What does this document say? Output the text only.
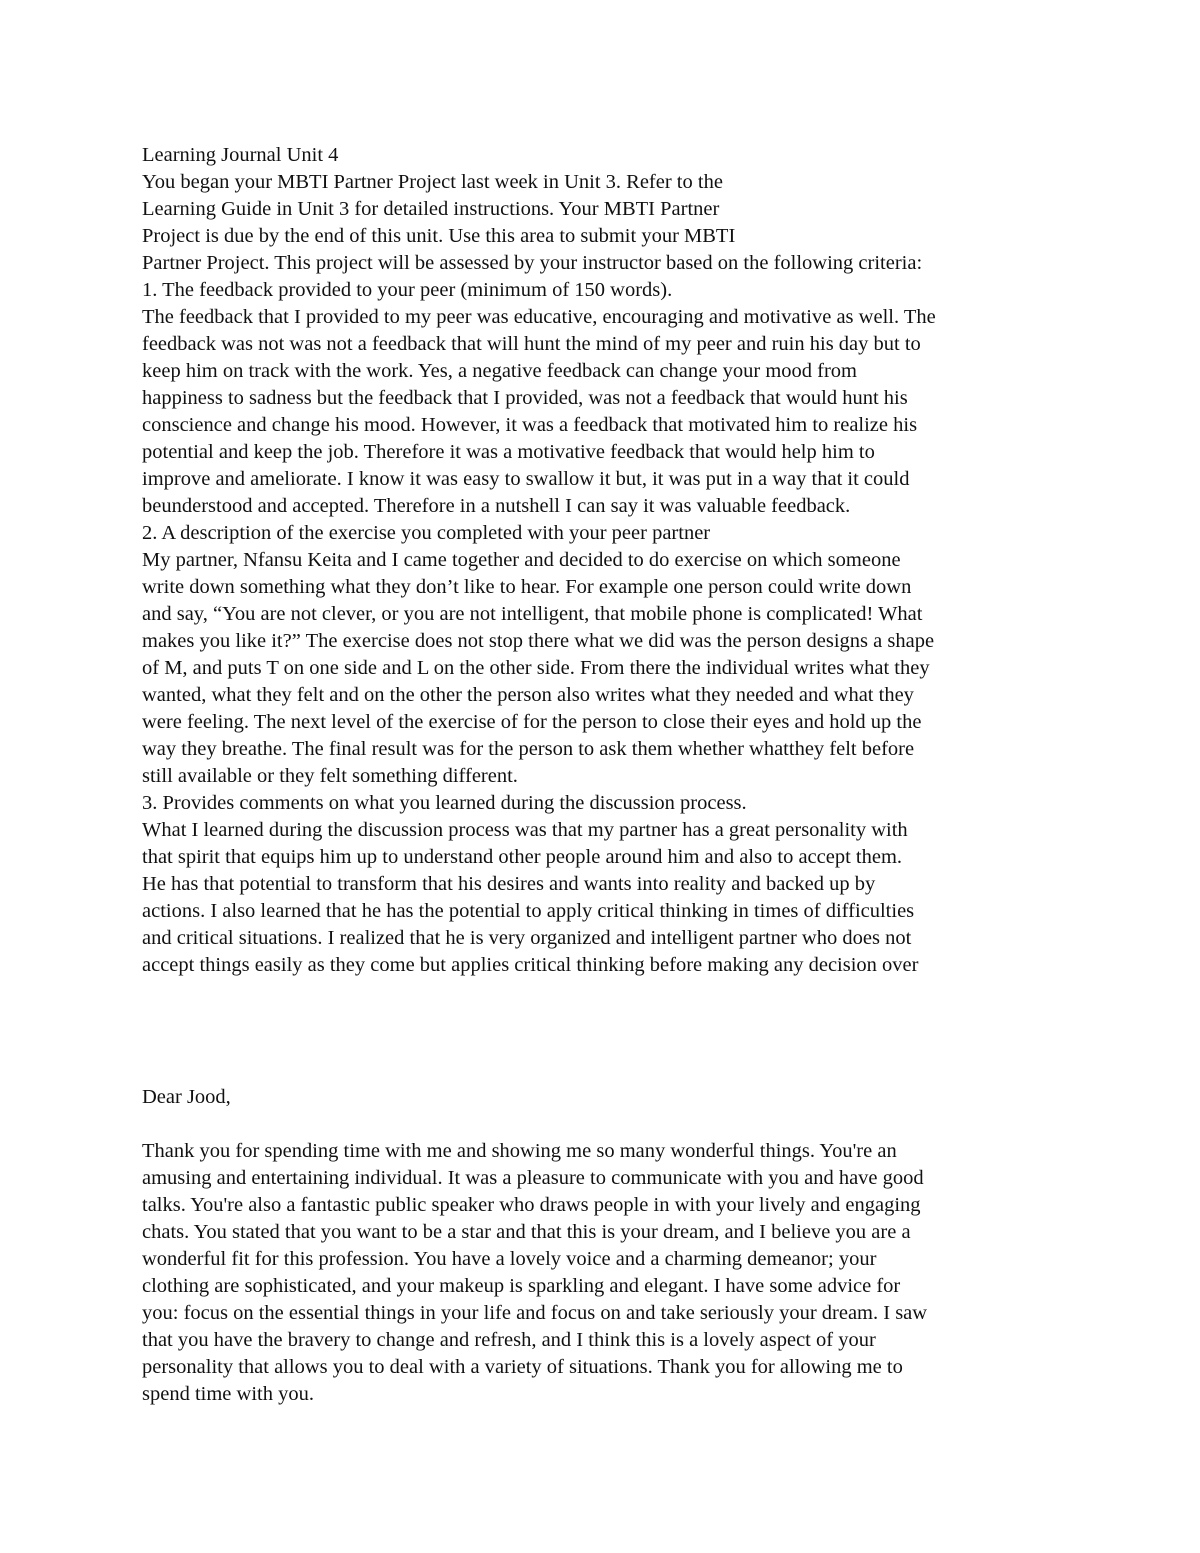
Learning Journal Unit 4
You began your MBTI Partner Project last week in Unit 3. Refer to the
Learning Guide in Unit 3 for detailed instructions. Your MBTI Partner
Project is due by the end of this unit. Use this area to submit your MBTI
Partner Project. This project will be assessed by your instructor based on the following criteria:
1. The feedback provided to your peer (minimum of 150 words).
The feedback that I provided to my peer was educative, encouraging and motivative as well. The
feedback was not was not a feedback that will hunt the mind of my peer and ruin his day but to
keep him on track with the work. Yes, a negative feedback can change your mood from
happiness to sadness but the feedback that I provided, was not a feedback that would hunt his
conscience and change his mood. However, it was a feedback that motivated him to realize his
potential and keep the job. Therefore it was a motivative feedback that would help him to
improve and ameliorate. I know it was easy to swallow it but, it was put in a way that it could
beunderstood and accepted. Therefore in a nutshell I can say it was valuable feedback.
2. A description of the exercise you completed with your peer partner
My partner, Nfansu Keita and I came together and decided to do exercise on which someone
write down something what they don’t like to hear. For example one person could write down
and say, “You are not clever, or you are not intelligent, that mobile phone is complicated! What
makes you like it?” The exercise does not stop there what we did was the person designs a shape
of M, and puts T on one side and L on the other side. From there the individual writes what they
wanted, what they felt and on the other the person also writes what they needed and what they
were feeling. The next level of the exercise of for the person to close their eyes and hold up the
way they breathe. The final result was for the person to ask them whether whatthey felt before
still available or they felt something different.
3. Provides comments on what you learned during the discussion process.
What I learned during the discussion process was that my partner has a great personality with
that spirit that equips him up to understand other people around him and also to accept them.
He has that potential to transform that his desires and wants into reality and backed up by
actions. I also learned that he has the potential to apply critical thinking in times of difficulties
and critical situations. I realized that he is very organized and intelligent partner who does not
accept things easily as they come but applies critical thinking before making any decision over
Dear Jood,
Thank you for spending time with me and showing me so many wonderful things. You're an
amusing and entertaining individual. It was a pleasure to communicate with you and have good
talks. You're also a fantastic public speaker who draws people in with your lively and engaging
chats. You stated that you want to be a star and that this is your dream, and I believe you are a
wonderful fit for this profession. You have a lovely voice and a charming demeanor; your
clothing are sophisticated, and your makeup is sparkling and elegant. I have some advice for
you: focus on the essential things in your life and focus on and take seriously your dream. I saw
that you have the bravery to change and refresh, and I think this is a lovely aspect of your
personality that allows you to deal with a variety of situations. Thank you for allowing me to
spend time with you.
